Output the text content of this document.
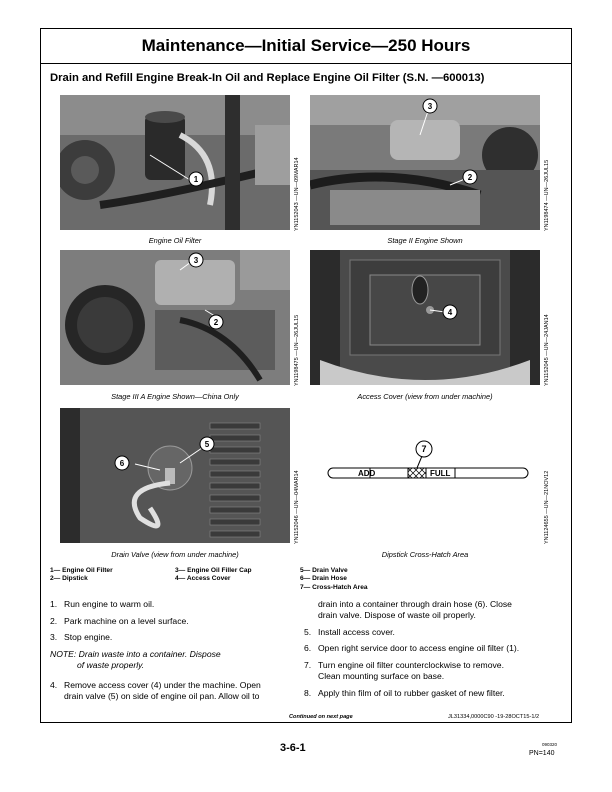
Maintenance—Initial Service—250 Hours
Drain and Refill Engine Break-In Oil and Replace Engine Oil Filter (S.N. —600013)
1	YN1152043 —UN—09MAR14
Engine Oil Filter
3
2	YN1198474 —UN—26JUL15
Stage II Engine Shown
3
2	YN1198475 —UN—26JUL15
Stage III A Engine Shown—China Only
4
YN1152045 —UN—24JAN14
Access Cover (view from under machine)
5
6
YN1152046 —UN—04MAR14
Drain Valve (view from under machine)
ADD	FULL
7
YN1124655 —UN—21NOV12
Dipstick Cross-Hatch Area
1— Engine Oil Filter
2— Dipstick
3— Engine Oil Filler Cap
4— Access Cover
5— Drain Valve
6— Drain Hose
7— Cross-Hatch Area
1. Run engine to warm oil.
2. Park machine on a level surface.
3. Stop engine.
NOTE: Drain waste into a container. Dispose
of waste properly.
4. Remove access cover (4) under the machine. Open
drain valve (5) on side of engine oil pan. Allow oil to
drain into a container through drain hose (6). Close
drain valve. Dispose of waste oil properly.
5. Install access cover.
6. Open right service door to access engine oil filter (1).
7. Turn engine oil filter counterclockwise to remove.
Clean mounting surface on base.
8. Apply thin film of oil to rubber gasket of new filter.
Continued on next page	JL31334,0000C90 -19-28OCT15-1/2
3-6-1	090320
PN=140
